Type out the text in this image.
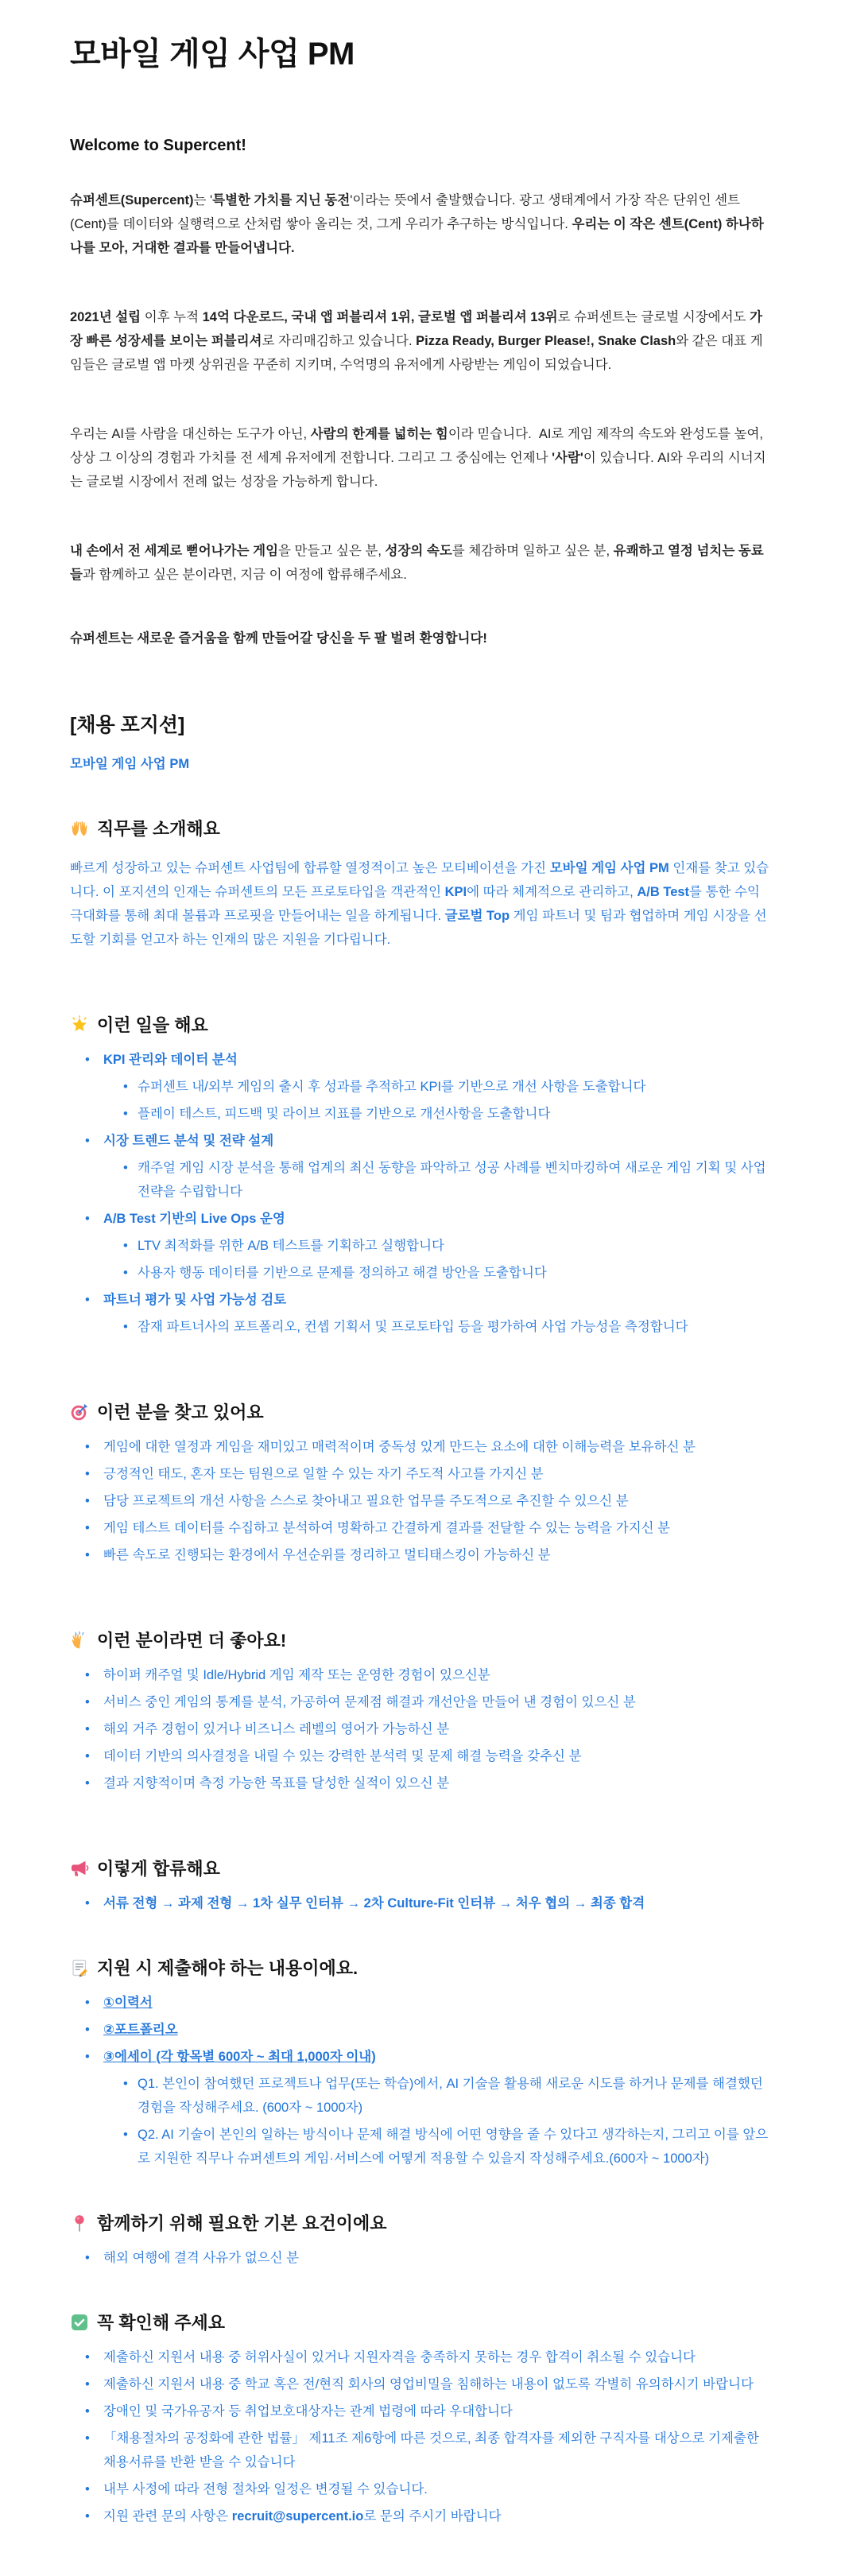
모바일 게임 사업 PM
Welcome to Supercent!

슈퍼센트(Supercent)는 '특별한 가치를 지닌 동전'이라는 뜻에서 출발했습니다. 광고 생태계에서 가장 작은 단위인 센트(Cent)를 데이터와 실행력으로 산처럼 쌓아 올리는 것, 그게 우리가 추구하는 방식입니다. 우리는 이 작은 센트(Cent) 하나하나를 모아, 거대한 결과를 만들어냅니다.

2021년 설립 이후 누적 14억 다운로드, 국내 앱 퍼블리셔 1위, 글로벌 앱 퍼블리셔 13위로 슈퍼센트는 글로벌 시장에서도 가장 빠른 성장세를 보이는 퍼블리셔로 자리매김하고 있습니다. Pizza Ready, Burger Please!, Snake Clash와 같은 대표 게임들은 글로벌 앱 마켓 상위권을 꾸준히 지키며, 수억명의 유저에게 사랑받는 게임이 되었습니다.

우리는 AI를 사람을 대신하는 도구가 아닌, 사람의 한계를 넓히는 힘이라 믿습니다.  AI로 게임 제작의 속도와 완성도를 높여, 상상 그 이상의 경험과 가치를 전 세계 유저에게 전합니다. 그리고 그 중심에는 언제나 '사람'이 있습니다. AI와 우리의 시너지는 글로벌 시장에서 전례 없는 성장을 가능하게 합니다.

내 손에서 전 세계로 뻗어나가는 게임을 만들고 싶은 분, 성장의 속도를 체감하며 일하고 싶은 분, 유쾌하고 열정 넘치는 동료들과 함께하고 싶은 분이라면, 지금 이 여정에 합류해주세요.

슈퍼센트는 새로운 즐거움을 함께 만들어갈 당신을 두 팔 벌려 환영합니다!

[채용 포지션]
모바일 게임 사업 PM
직무를 소개해요

빠르게 성장하고 있는 슈퍼센트 사업팀에 합류할 열정적이고 높은 모티베이션을 가진 모바일 게임 사업 PM 인재를 찾고 있습니다. 이 포지션의 인재는 슈퍼센트의 모든 프로토타입을 객관적인 KPI에 따라 체계적으로 관리하고, A/B Test를 통한 수익 극대화를 통해 최대 볼륨과 프로핏을 만들어내는 일을 하게됩니다. 글로벌 Top 게임 파트너 및 팀과 협업하며 게임 시장을 선도할 기회를 얻고자 하는 인재의 많은 지원을 기다립니다.

이런 일을 해요
•	KPI 관리와 데이터 분석
• 슈퍼센트 내/외부 게임의 출시 후 성과를 추적하고 KPI를 기반으로 개선 사항을 도출합니다
• 플레이 테스트, 피드백 및 라이브 지표를 기반으로 개선사항을 도출합니다
•	시장 트렌드 분석 및 전략 설계
• 캐주얼 게임 시장 분석을 통해 업계의 최신 동향을 파악하고 성공 사례를 벤치마킹하여 새로운 게임 기획 및 사업 전략을 수립합니다
•	A/B Test 기반의 Live Ops 운영
• LTV 최적화를 위한 A/B 테스트를 기획하고 실행합니다
• 사용자 행동 데이터를 기반으로 문제를 정의하고 해결 방안을 도출합니다
•	파트너 평가 및 사업 가능성 검토
• 잠재 파트너사의 포트폴리오, 컨셉 기획서 및 프로토타입 등을 평가하여 사업 가능성을 측정합니다
이런 분을 찾고 있어요
•	게임에 대한 열정과 게임을 재미있고 매력적이며 중독성 있게 만드는 요소에 대한 이해능력을 보유하신 분
•	긍정적인 태도, 혼자 또는 팀원으로 일할 수 있는 자기 주도적 사고를 가지신 분
•	담당 프로젝트의 개선 사항을 스스로 찾아내고 필요한 업무를 주도적으로 추진할 수 있으신 분
•	게임 테스트 데이터를 수집하고 분석하여 명확하고 간결하게 결과를 전달할 수 있는 능력을 가지신 분
•	빠른 속도로 진행되는 환경에서 우선순위를 정리하고 멀티태스킹이 가능하신 분
이런 분이라면 더 좋아요!
•	하이퍼 캐주얼 및 Idle/Hybrid 게임 제작 또는 운영한 경험이 있으신분
•	서비스 중인 게임의 통계를 분석, 가공하여 문제점 해결과 개선안을 만들어 낸 경험이 있으신 분
•	해외 거주 경험이 있거나 비즈니스 레벨의 영어가 가능하신 분
•	데이터 기반의 의사결정을 내릴 수 있는 강력한 분석력 및 문제 해결 능력을 갖추신 분
•	결과 지향적이며 측정 가능한 목표를 달성한 실적이 있으신 분
이렇게 합류해요
•	서류 전형 → 과제 전형 → 1차 실무 인터뷰 → 2차 Culture-Fit 인터뷰 → 처우 협의 → 최종 합격
지원 시 제출해야 하는 내용이에요.
•	①이력서
•	②포트폴리오
•	③에세이 (각 항목별 600자 ~ 최대 1,000자 이내)
• Q1. 본인이 참여했던 프로젝트나 업무(또는 학습)에서, AI 기술을 활용해 새로운 시도를 하거나 문제를 해결했던 경험을 작성해주세요. (600자 ~ 1000자)
• Q2. AI 기술이 본인의 일하는 방식이나 문제 해결 방식에 어떤 영향을 줄 수 있다고 생각하는지, 그리고 이를 앞으로 지원한 직무나 슈퍼센트의 게임·서비스에 어떻게 적용할 수 있을지 작성해주세요.(600자 ~ 1000자)
함께하기 위해 필요한 기본 요건이에요
•	해외 여행에 결격 사유가 없으신 분
꼭 확인해 주세요
•	제출하신 지원서 내용 중 허위사실이 있거나 지원자격을 충족하지 못하는 경우 합격이 취소될 수 있습니다
•	제출하신 지원서 내용 중 학교 혹은 전/현직 회사의 영업비밀을 침해하는 내용이 없도록 각별히 유의하시기 바랍니다
•	장애인 및 국가유공자 등 취업보호대상자는 관계 법령에 따라 우대합니다
•	「채용절차의 공정화에 관한 법률」 제11조 제6항에 따른 것으로, 최종 합격자를 제외한 구직자를 대상으로 기제출한 채용서류를 반환 받을 수 있습니다
•	내부 사정에 따라 전형 절차와 일정은 변경될 수 있습니다.
•	지원 관련 문의 사항은 recruit@supercent.io로 문의 주시기 바랍니다
